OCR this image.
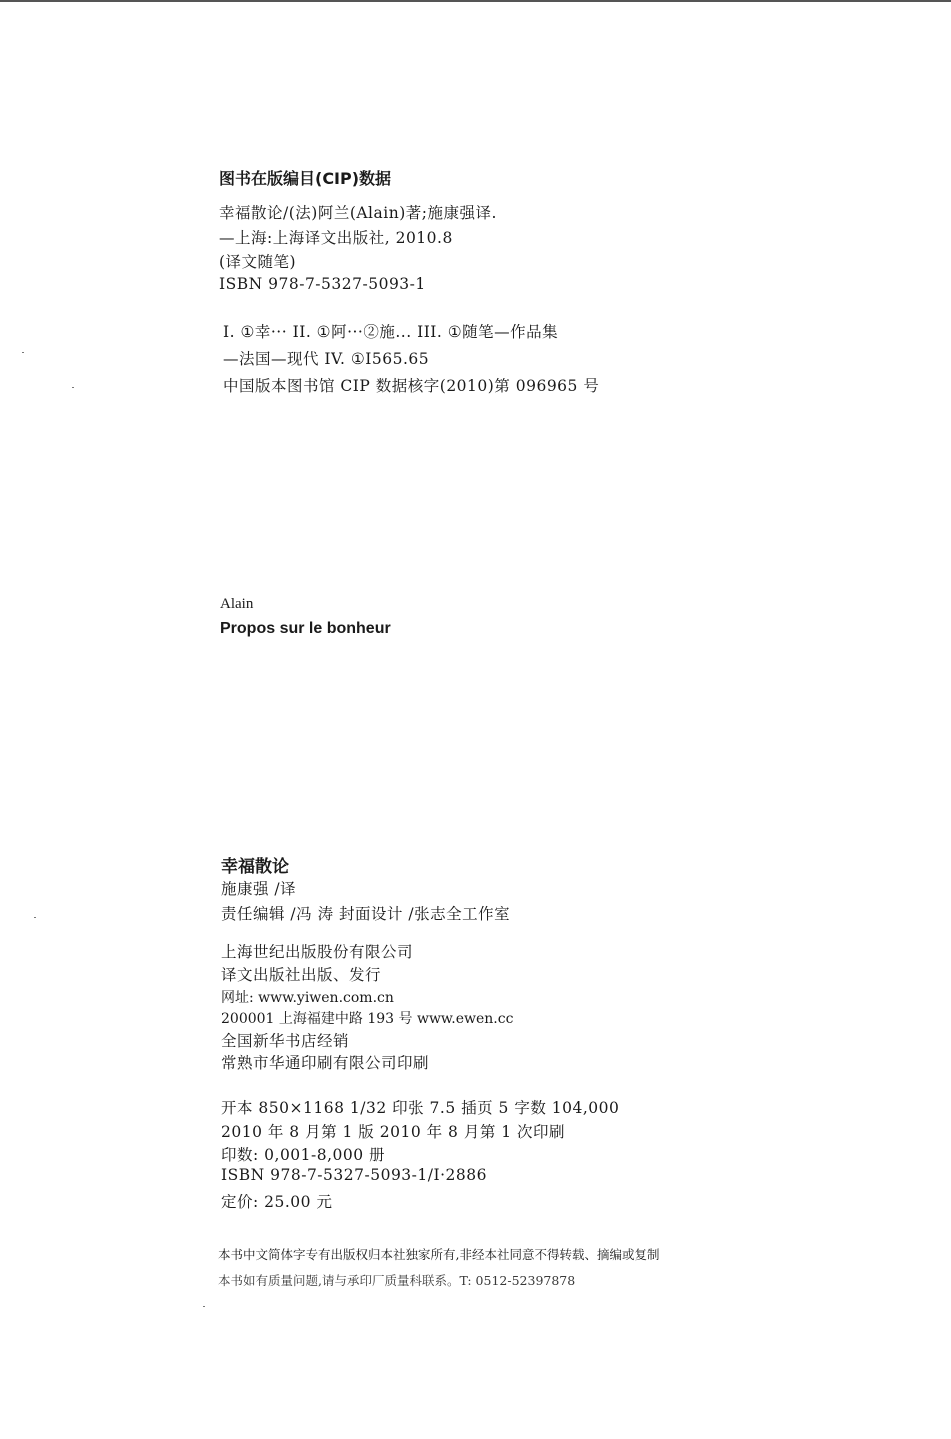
图书在版编目(CIP)数据
幸福散论/(法)阿兰(Alain)著;施康强译.
—上海:上海译文出版社, 2010.8
(译文随笔)
ISBN 978-7-5327-5093-1
I. ①幸··· II. ①阿···②施... III. ①随笔—作品集
—法国—现代 IV. ①I565.65
中国版本图书馆 CIP 数据核字(2010)第 096965 号
Alain
Propos sur le bonheur
幸福散论
施康强 /译
责任编辑 /冯 涛 封面设计 /张志全工作室
上海世纪出版股份有限公司
译文出版社出版、发行
网址: www.yiwen.com.cn
200001 上海福建中路 193 号 www.ewen.cc
全国新华书店经销
常熟市华通印刷有限公司印刷
开本 850×1168 1/32 印张 7.5 插页 5 字数 104,000
2010 年 8 月第 1 版 2010 年 8 月第 1 次印刷
印数: 0,001-8,000 册
ISBN 978-7-5327-5093-1/I·2886
定价: 25.00 元
本书中文简体字专有出版权归本社独家所有,非经本社同意不得转载、摘编或复制
本书如有质量问题,请与承印厂质量科联系。T: 0512-52397878
